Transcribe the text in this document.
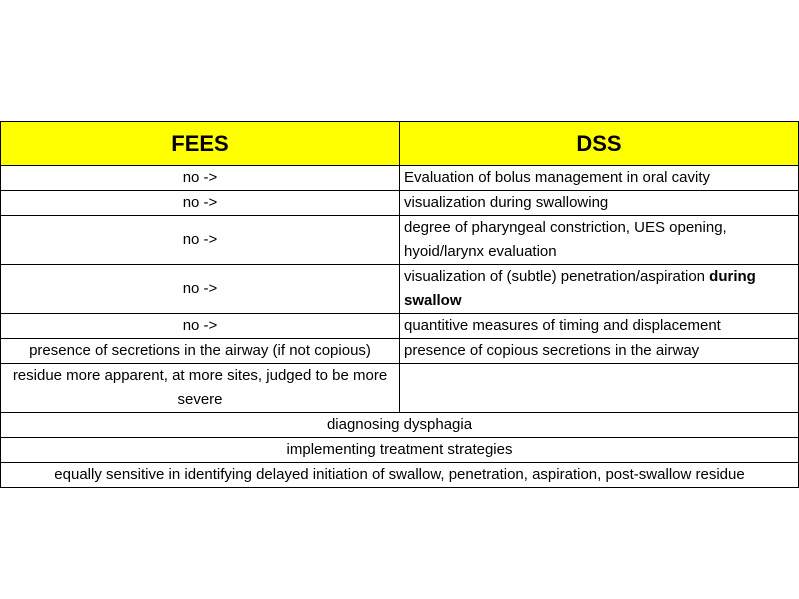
FEES	DSS
no ->	Evaluation of bolus management in oral cavity
no ->	visualization during swallowing
no ->	degree of pharyngeal constriction, UES opening, hyoid/larynx evaluation
no ->	visualization of (subtle) penetration/aspiration during swallow
no ->	quantitive measures of timing and displacement
presence of secretions in the airway (if not copious)	presence of copious secretions in the airway
residue more apparent, at more sites, judged to be more severe	
diagnosing dysphagia	
implementing treatment strategies	
equally sensitive in identifying delayed initiation of swallow, penetration, aspiration, post-swallow residue	
